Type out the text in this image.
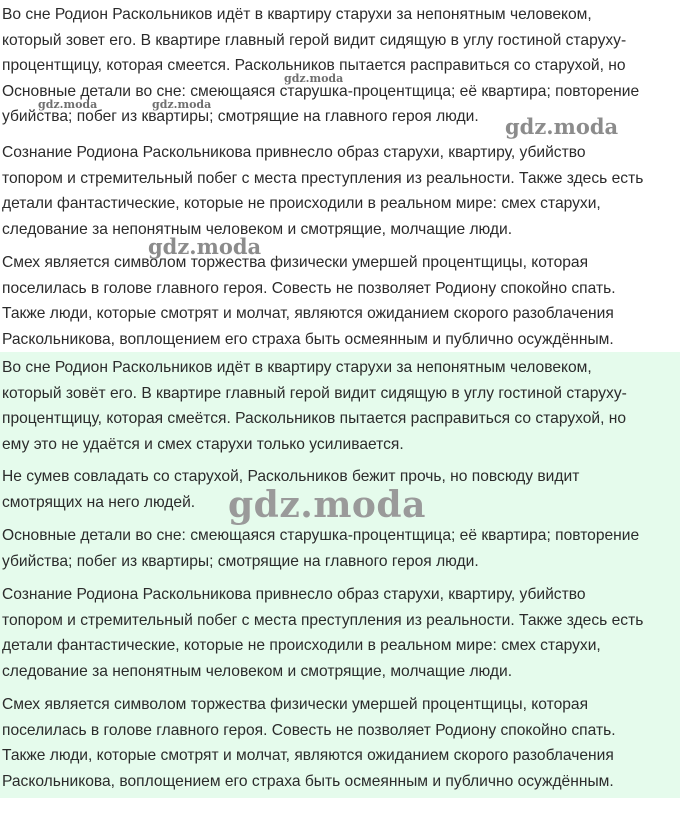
Во сне Родион Раскольников идёт в квартиру старухи за непонятным человеком,
который зовет его. В квартире главный герой видит сидящую в углу гостиной старуху-
процентщицу, которая смеется. Раскольников пытается расправиться со старухой, но
Основные детали во сне: смеющаяся старушка-процентщица; её квартира; повторение
убийства; побег из квартиры; смотрящие на главного героя люди.
Сознание Родиона Раскольникова привнесло образ старухи, квартиру, убийство
топором и стремительный побег с места преступления из реальности. Также здесь есть
детали фантастические, которые не происходили в реальном мире: смех старухи,
следование за непонятным человеком и смотрящие, молчащие люди.
Смех является символом торжества физически умершей процентщицы, которая
поселилась в голове главного героя. Совесть не позволяет Родиону спокойно спать.
Также люди, которые смотрят и молчат, являются ожиданием скорого разоблачения
Раскольникова, воплощением его страха быть осмеянным и публично осуждённым.
Во сне Родион Раскольников идёт в квартиру старухи за непонятным человеком,
который зовёт его. В квартире главный герой видит сидящую в углу гостиной старуху-
процентщицу, которая смеётся. Раскольников пытается расправиться со старухой, но
ему это не удаётся и смех старухи только усиливается.
Не сумев совладать со старухой, Раскольников бежит прочь, но повсюду видит
смотрящих на него людей.
Основные детали во сне: смеющаяся старушка-процентщица; её квартира; повторение
убийства; побег из квартиры; смотрящие на главного героя люди.
Сознание Родиона Раскольникова привнесло образ старухи, квартиру, убийство
топором и стремительный побег с места преступления из реальности. Также здесь есть
детали фантастические, которые не происходили в реальном мире: смех старухи,
следование за непонятным человеком и смотрящие, молчащие люди.
Смех является символом торжества физически умершей процентщицы, которая
поселилась в голове главного героя. Совесть не позволяет Родиону спокойно спать.
Также люди, которые смотрят и молчат, являются ожиданием скорого разоблачения
Раскольникова, воплощением его страха быть осмеянным и публично осуждённым.
gdz.moda
gdz.moda	gdz.moda
gdz.moda
gdz.moda
gdz.moda
